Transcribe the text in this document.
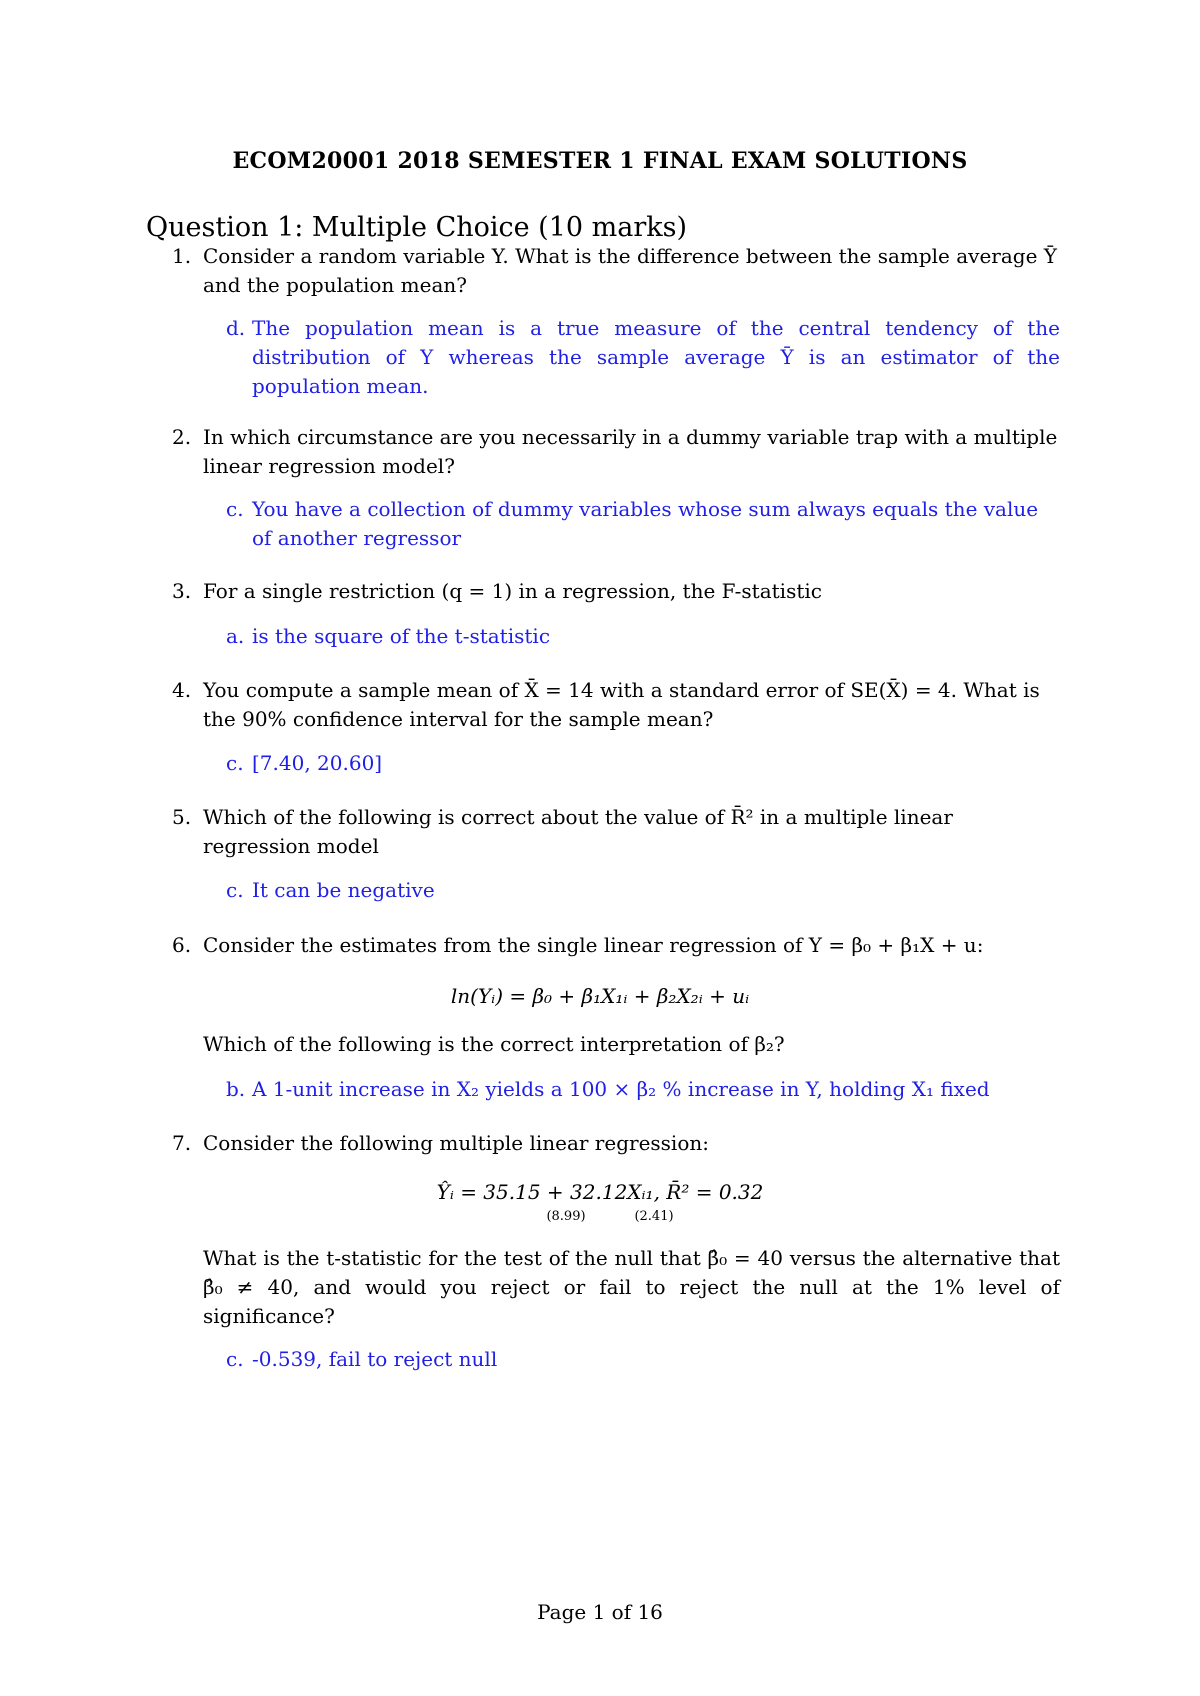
ECOM20001 2018 SEMESTER 1 FINAL EXAM SOLUTIONS
Question 1: Multiple Choice (10 marks)
1. Consider a random variable Y. What is the difference between the sample average Ȳ and the population mean?
d. The population mean is a true measure of the central tendency of the distribution of Y whereas the sample average Ȳ is an estimator of the population mean.
2. In which circumstance are you necessarily in a dummy variable trap with a multiple linear regression model?
c. You have a collection of dummy variables whose sum always equals the value of another regressor
3. For a single restriction (q = 1) in a regression, the F-statistic
a. is the square of the t-statistic
4. You compute a sample mean of X̄ = 14 with a standard error of SE(X̄) = 4. What is the 90% confidence interval for the sample mean?
c. [7.40, 20.60]
5. Which of the following is correct about the value of R̄² in a multiple linear regression model
c. It can be negative
6. Consider the estimates from the single linear regression of Y = β₀ + β₁X + u:
ln(Yᵢ) = β₀ + β₁X₁ᵢ + β₂X₂ᵢ + uᵢ
Which of the following is the correct interpretation of β₂?
b. A 1-unit increase in X₂ yields a 100 × β₂ % increase in Y, holding X₁ fixed
7. Consider the following multiple linear regression:
Ŷᵢ = 35.15 + 32.12Xᵢ₁, R̄² = 0.32
(8.99)	(2.41)
What is the t-statistic for the test of the null that β̂₀ = 40 versus the alternative that β̂₀ ≠ 40, and would you reject or fail to reject the null at the 1% level of significance?
c. -0.539, fail to reject null
Page 1 of 16
